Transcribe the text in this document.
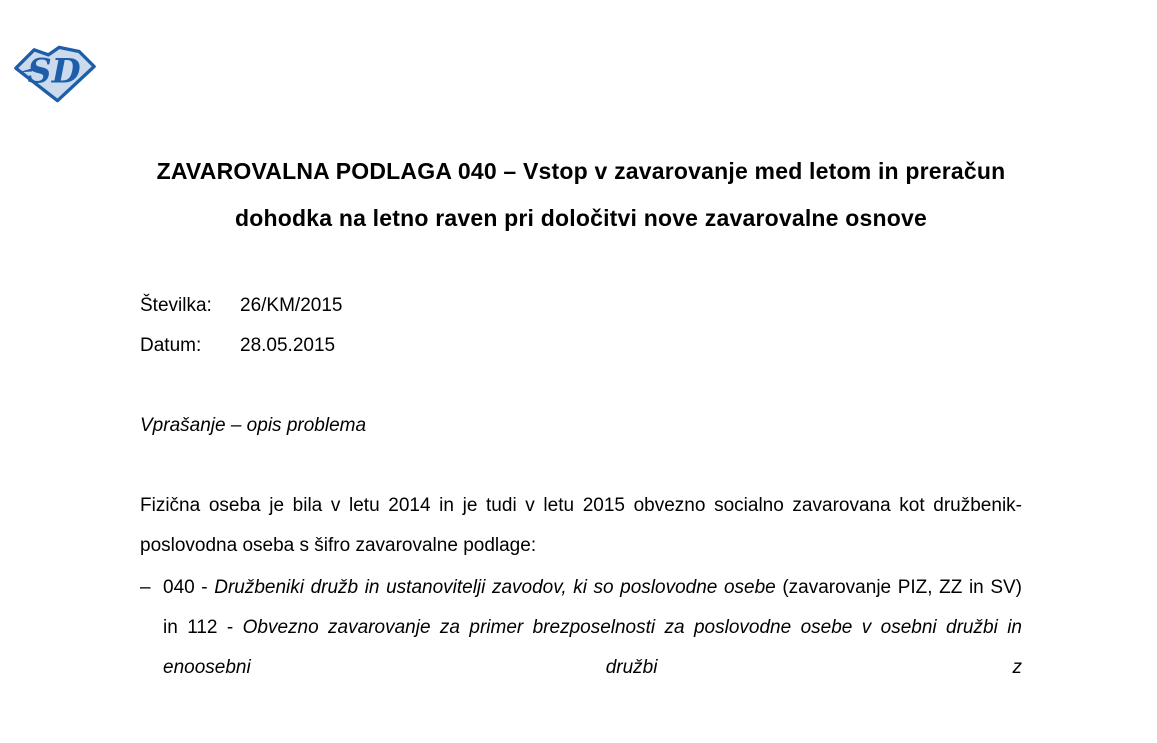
SD
ZAVAROVALNA PODLAGA 040 – Vstop v zavarovanje med letom in preračun dohodka na letno raven pri določitvi nove zavarovalne osnove
Številka:	26/KM/2015
Datum:	28.05.2015
Vprašanje – opis problema

Fizična oseba je bila v letu 2014 in je tudi v letu 2015 obvezno socialno zavarovana kot družbenik-poslovodna oseba s šifro zavarovalne podlage:

– 040 - Družbeniki družb in ustanovitelji zavodov, ki so poslovodne osebe (zavarovanje PIZ, ZZ in SV) in 112 - Obvezno zavarovanje za primer brezposelnosti za poslovodne osebe v osebni družbi in enoosebni družbi z
